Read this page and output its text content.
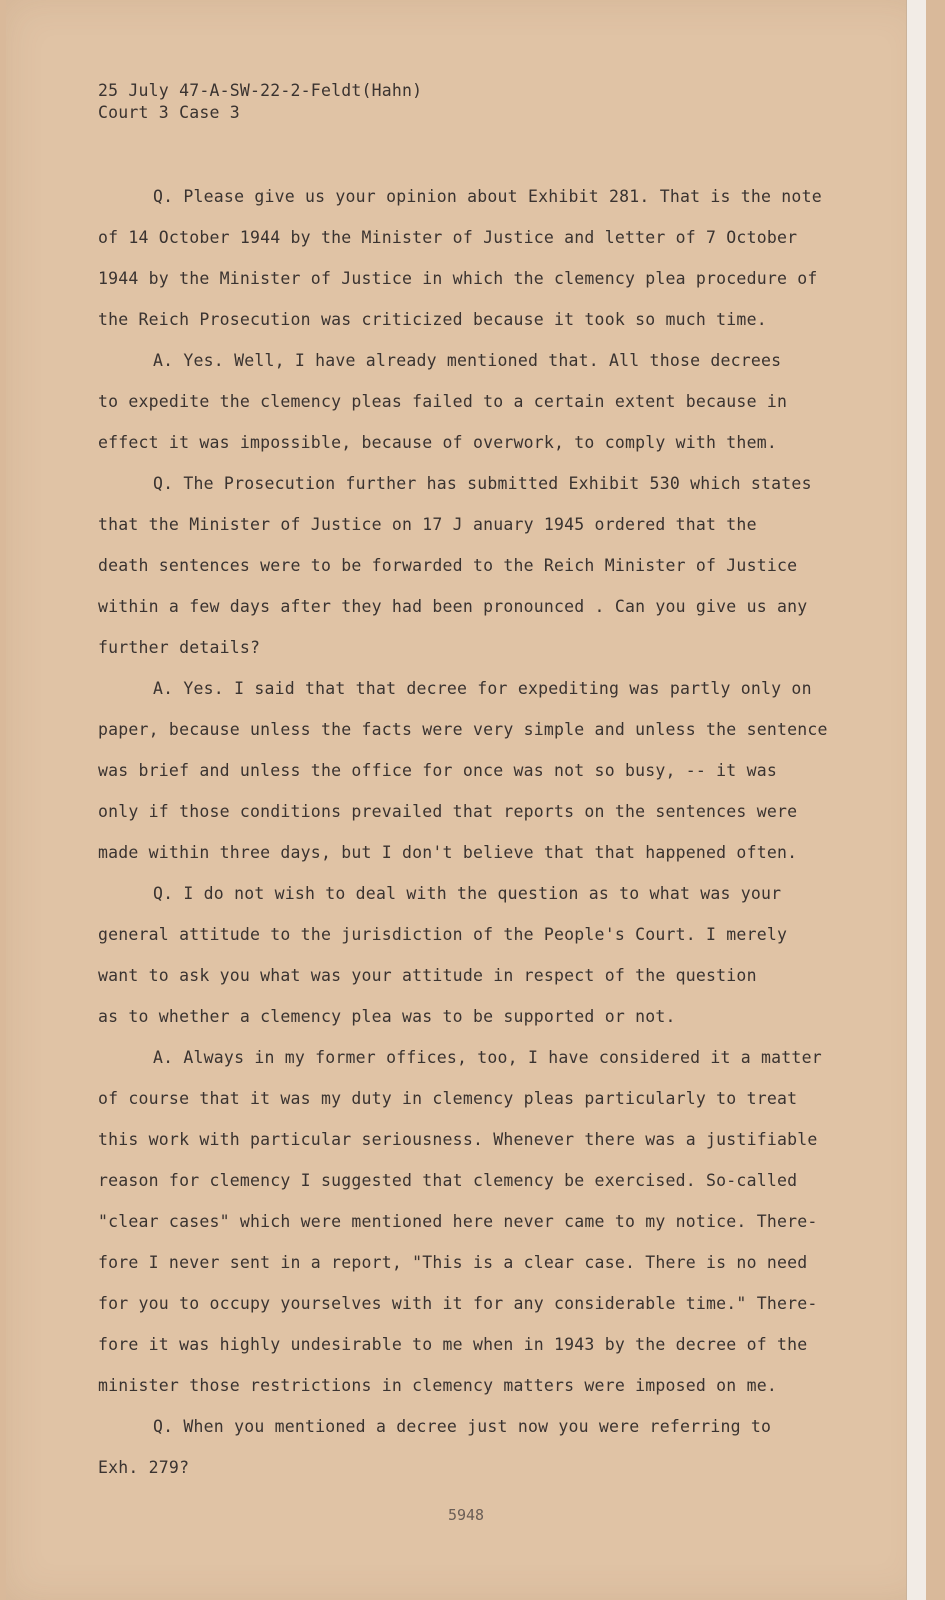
25 July 47-A-SW-22-2-Feldt(Hahn)
Court 3 Case 3
Q. Please give us your opinion about Exhibit 281. That is the note
of 14 October 1944 by the Minister of Justice and letter of 7 October
1944 by the Minister of Justice in which the clemency plea procedure of
the Reich Prosecution was criticized because it took so much time.
A. Yes. Well, I have already mentioned that. All those decrees
to expedite the clemency pleas failed to a certain extent because in
effect it was impossible, because of overwork, to comply with them.
Q. The Prosecution further has submitted Exhibit 530 which states
that the Minister of Justice on 17 J anuary 1945 ordered that the
death sentences were to be forwarded to the Reich Minister of Justice
within a few days after they had been pronounced . Can you give us any
further details?
A. Yes. I said that that decree for expediting was partly only on
paper, because unless the facts were very simple and unless the sentence
was brief and unless the office for once was not so busy, -- it was
only if those conditions prevailed that reports on the sentences were
made within three days, but I don't believe that that happened often.
Q. I do not wish to deal with the question as to what was your
general attitude to the jurisdiction of the People's Court. I merely
want to ask you what was your attitude in respect of the question
as to whether a clemency plea was to be supported or not.
A. Always in my former offices, too, I have considered it a matter
of course that it was my duty in clemency pleas particularly to treat
this work with particular seriousness. Whenever there was a justifiable
reason for clemency I suggested that clemency be exercised. So-called
"clear cases" which were mentioned here never came to my notice. There-
fore I never sent in a report, "This is a clear case. There is no need
for you to occupy yourselves with it for any considerable time." There-
fore it was highly undesirable to me when in 1943 by the decree of the
minister those restrictions in clemency matters were imposed on me.
Q. When you mentioned a decree just now you were referring to
Exh. 279?
5948
